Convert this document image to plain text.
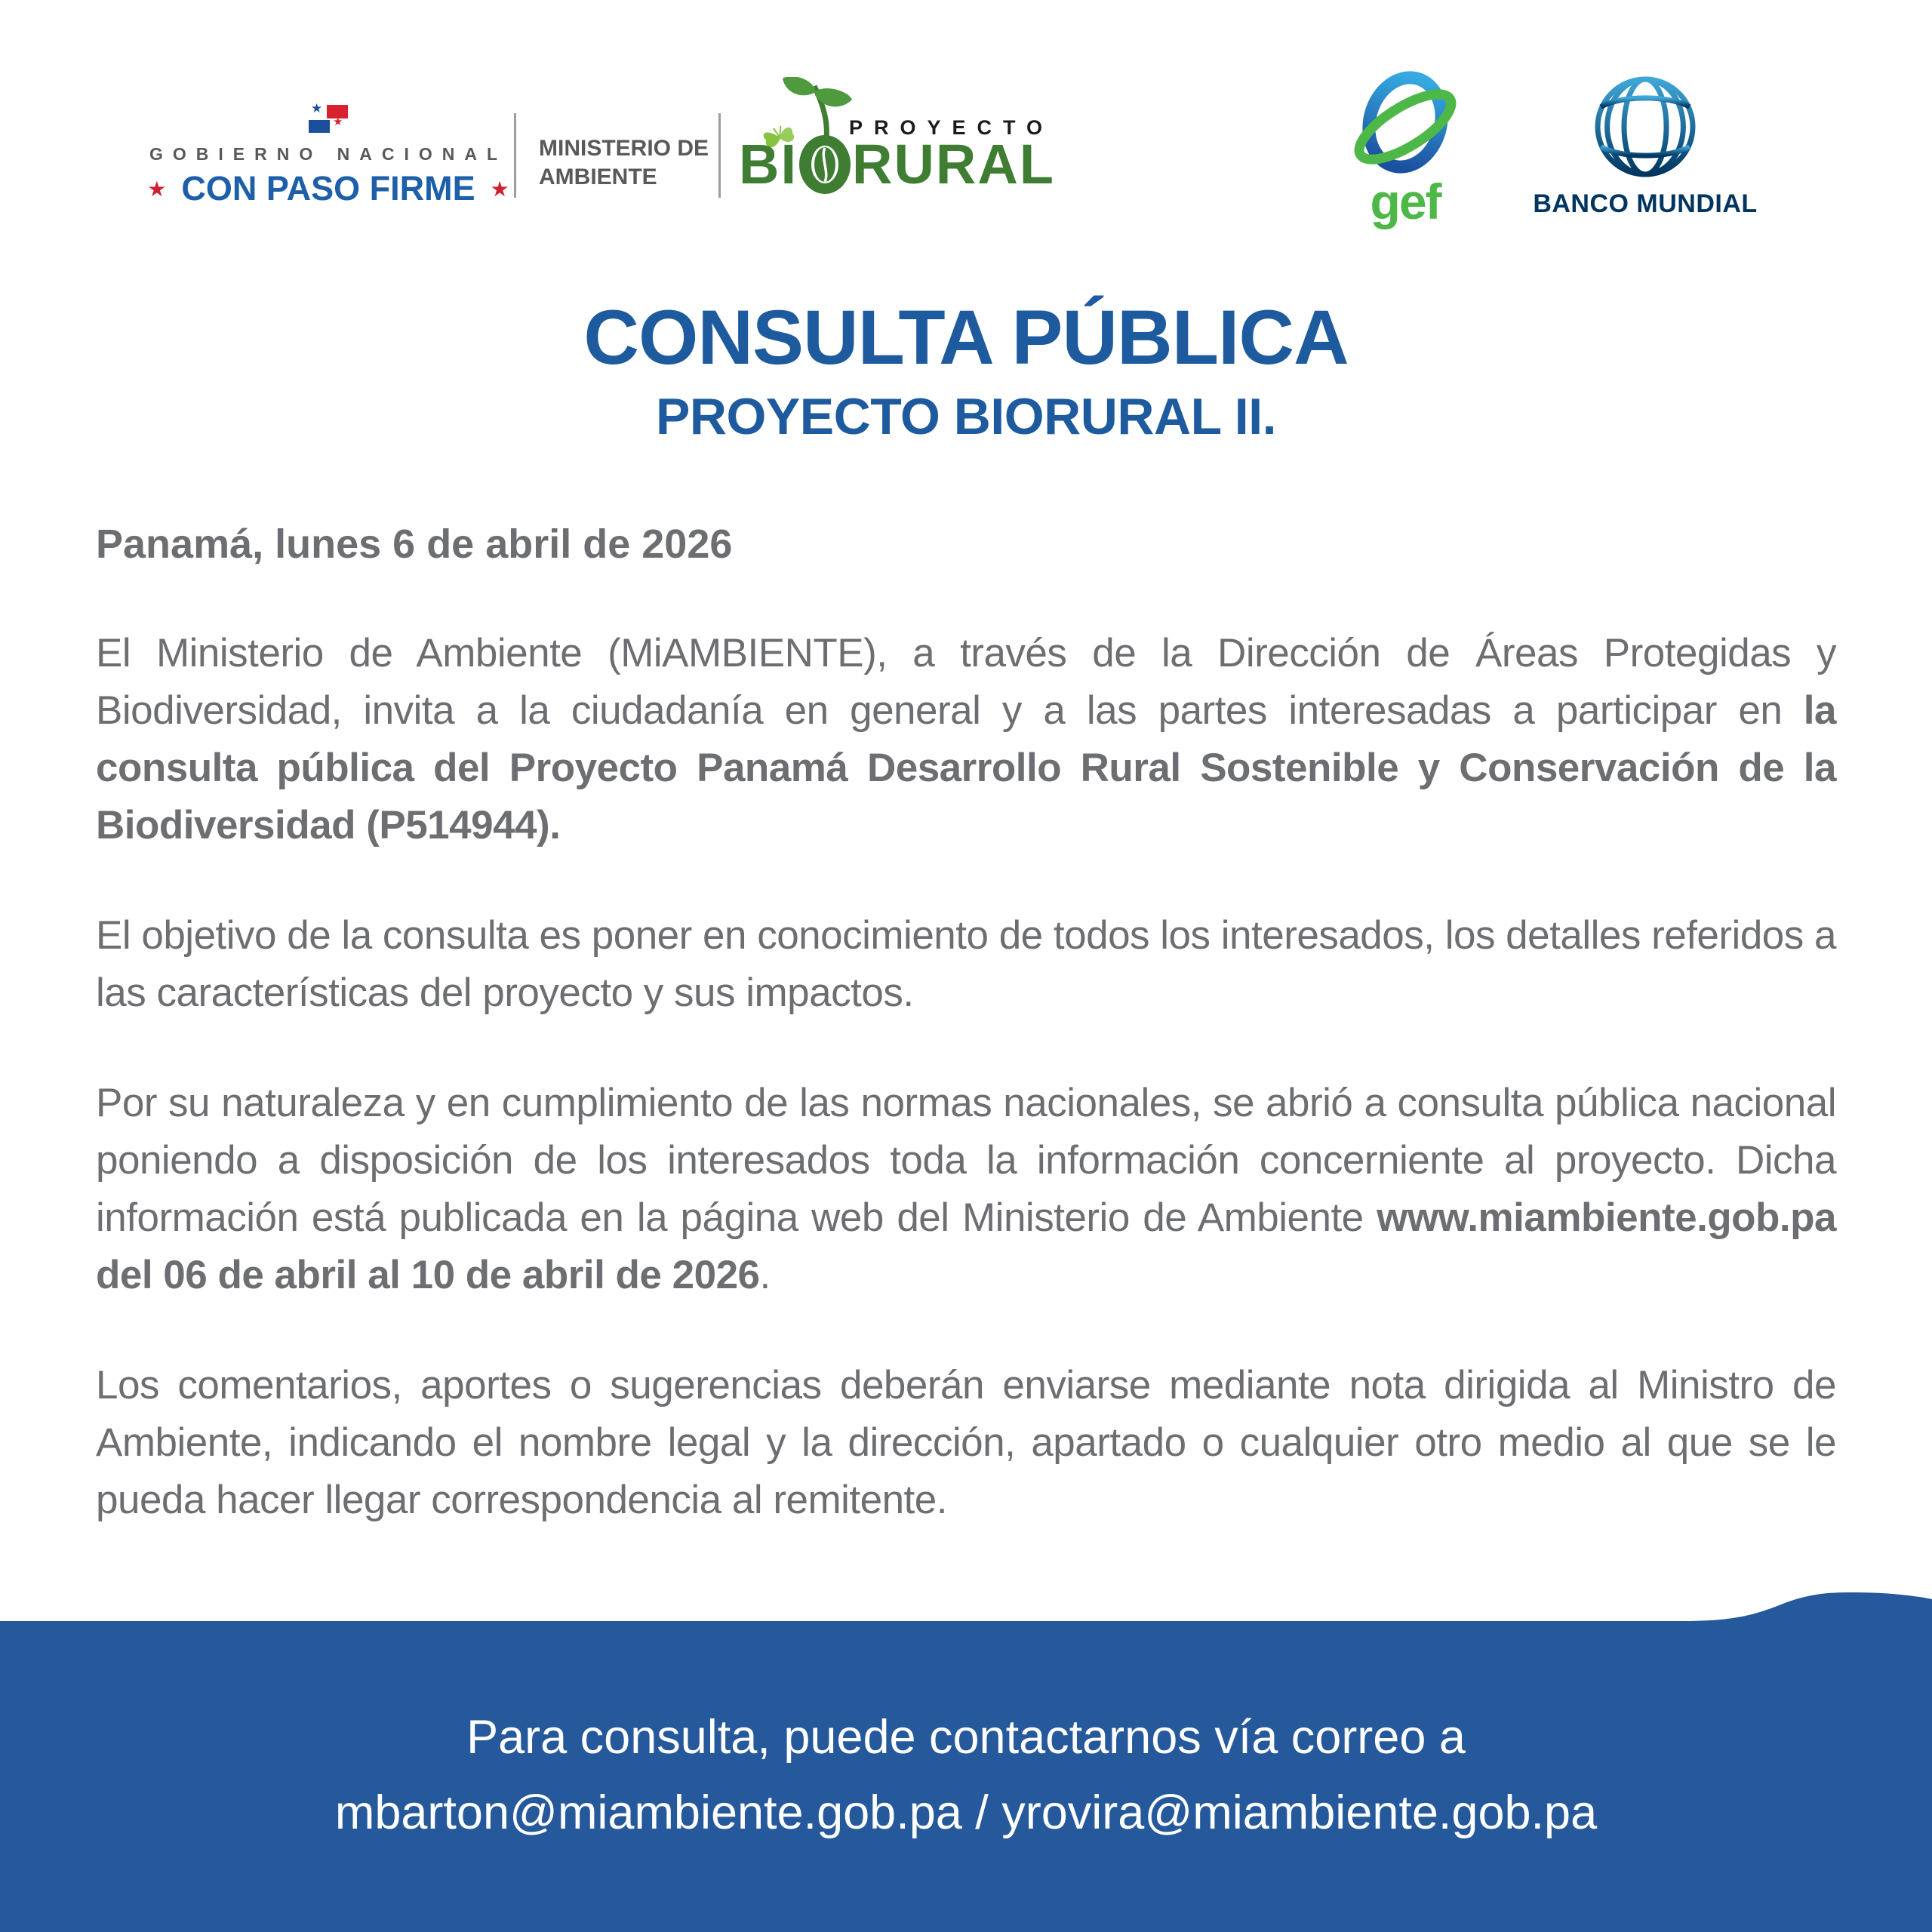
★
★
GOBIERNO NACIONAL
★ CON PASO FIRME ★
MINISTERIO DE
AMBIENTE
PROYECTO
BI RURAL
gef	BANCO MUNDIAL
CONSULTA PÚBLICA
PROYECTO BIORURAL II.

Panamá, lunes 6 de abril de 2026

El Ministerio de Ambiente (MiAMBIENTE), a través de la Dirección de Áreas Protegidas y Biodiversidad, invita a la ciudadanía en general y a las partes interesadas a participar en la consulta pública del Proyecto Panamá Desarrollo Rural Sostenible y Conservación de la Biodiversidad (P514944).

El objetivo de la consulta es poner en conocimiento de todos los interesados, los detalles referidos a las características del proyecto y sus impactos.

Por su naturaleza y en cumplimiento de las normas nacionales, se abrió a consulta pública nacional poniendo a disposición de los interesados toda la información concerniente al proyecto. Dicha información está publicada en la página web del Ministerio de Ambiente www.miambiente.gob.pa del 06 de abril al 10 de abril de 2026.

Los comentarios, aportes o sugerencias deberán enviarse mediante nota dirigida al Ministro de Ambiente, indicando el nombre legal y la dirección, apartado o cualquier otro medio al que se le pueda hacer llegar correspondencia al remitente.

Para consulta, puede contactarnos vía correo a
mbarton@miambiente.gob.pa / yrovira@miambiente.gob.pa
